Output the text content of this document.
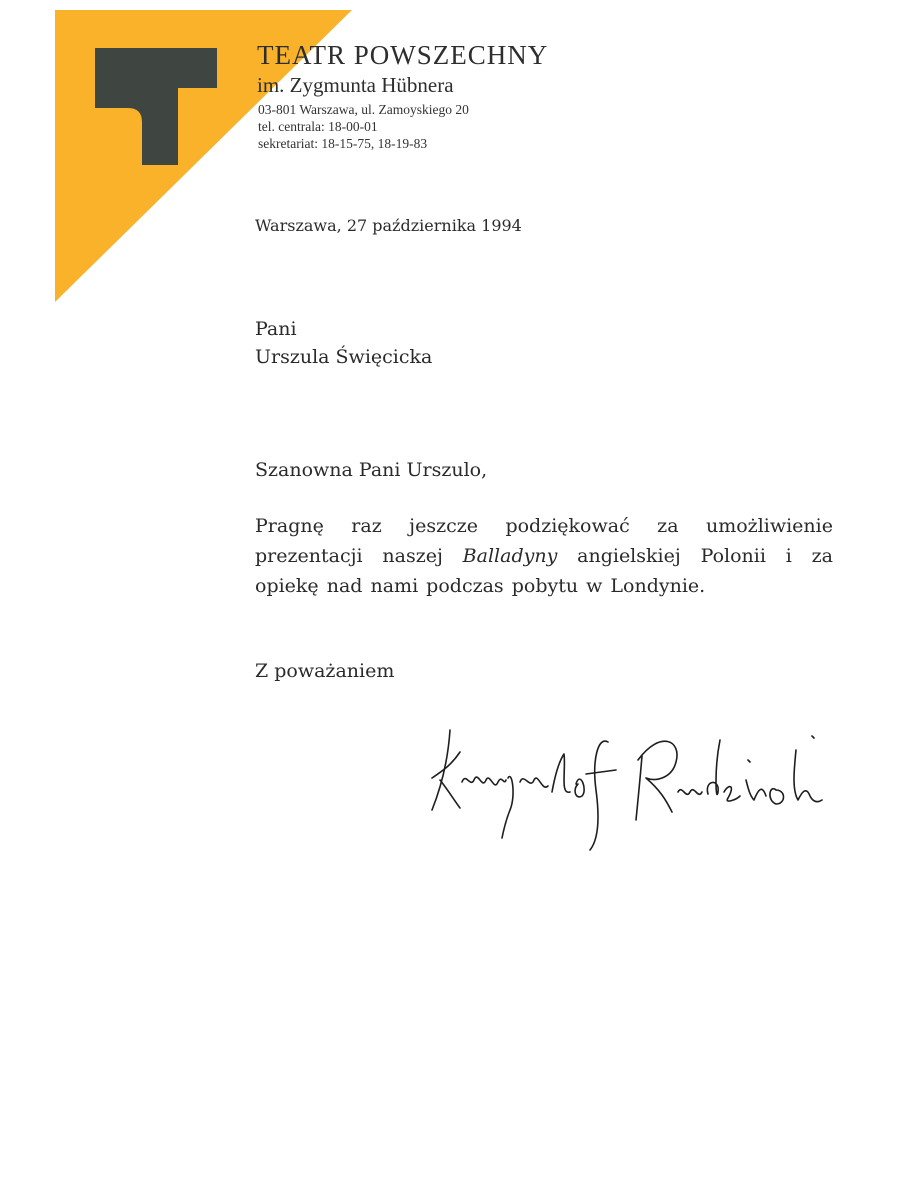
TEATR POWSZECHNY
im. Zygmunta Hübnera
03-801 Warszawa, ul. Zamoyskiego 20
tel. centrala: 18-00-01
sekretariat: 18-15-75, 18-19-83
Warszawa, 27 października 1994
Pani
Urszula Święcicka
Szanowna Pani Urszulo,
Pragnę raz jeszcze podziękować za umożliwienie prezentacji naszej Balladyny angielskiej Polonii i za opiekę nad nami podczas pobytu w Londynie.
Z poważaniem
